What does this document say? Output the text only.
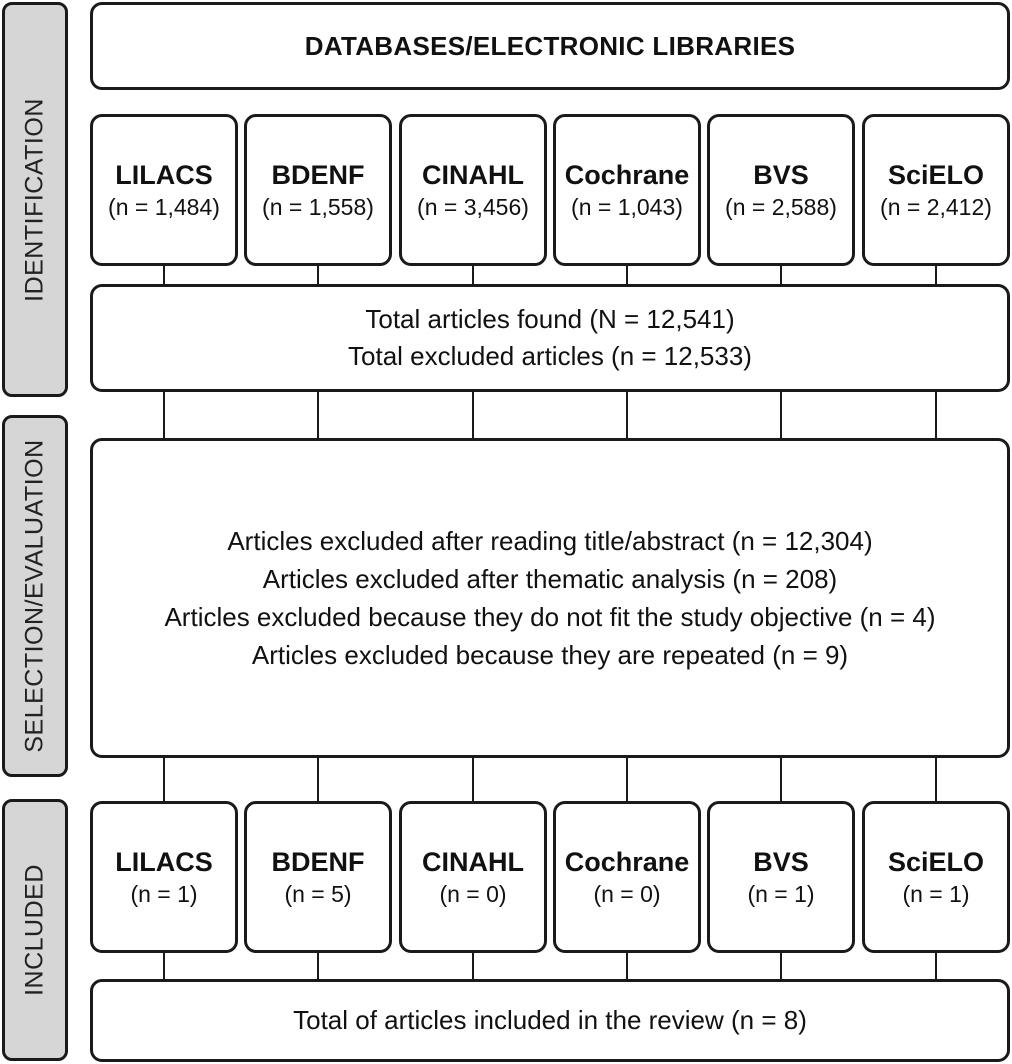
IDENTIFICATION
SELECTION/EVALUATION
INCLUDED
DATABASES/ELECTRONIC LIBRARIES
LILACS
(n = 1,484)
BDENF
(n = 1,558)
CINAHL
(n = 3,456)
Cochrane
(n = 1,043)
BVS
(n = 2,588)
SciELO
(n = 2,412)
Total articles found (N = 12,541)
Total excluded articles (n = 12,533)
Articles excluded after reading title/abstract (n = 12,304)
Articles excluded after thematic analysis (n = 208)
Articles excluded because they do not fit the study objective (n = 4)
Articles excluded because they are repeated (n = 9)
LILACS
(n = 1)
BDENF
(n = 5)
CINAHL
(n = 0)
Cochrane
(n = 0)
BVS
(n = 1)
SciELO
(n = 1)
Total of articles included in the review (n = 8)
